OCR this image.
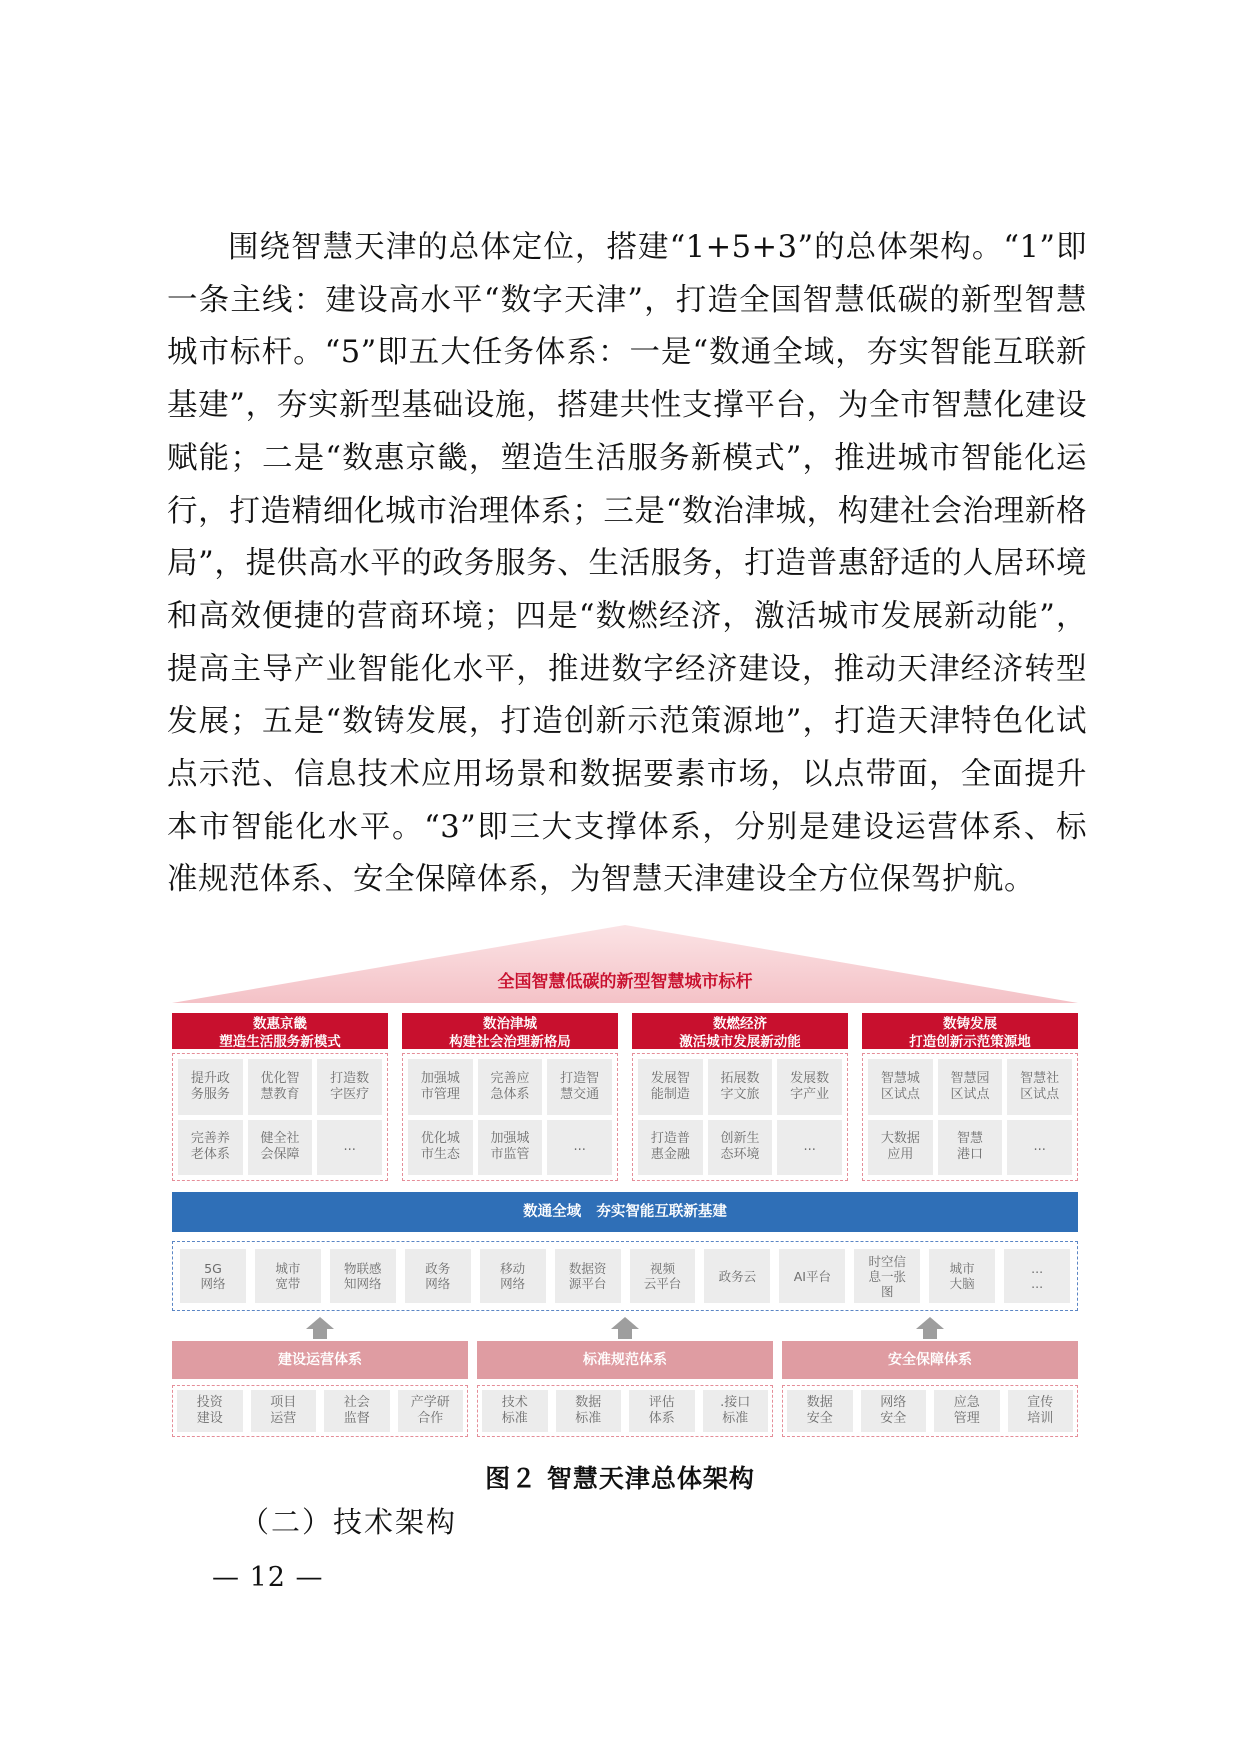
围绕智慧天津的总体定位，搭建“1+5+3”的总体架构。“1”即一条主线：建设高水平“数字天津”，打造全国智慧低碳的新型智慧城市标杆。“5”即五大任务体系：一是“数通全域，夯实智能互联新基建”，夯实新型基础设施，搭建共性支撑平台，为全市智慧化建设赋能；二是“数惠京畿，塑造生活服务新模式”，推进城市智能化运行，打造精细化城市治理体系；三是“数治津城，构建社会治理新格局”，提供高水平的政务服务、生活服务，打造普惠舒适的人居环境和高效便捷的营商环境；四是“数燃经济，激活城市发展新动能”，提高主导产业智能化水平，推进数字经济建设，推动天津经济转型发展；五是“数铸发展，打造创新示范策源地”，打造天津特色化试点示范、信息技术应用场景和数据要素市场，以点带面，全面提升本市智能化水平。“3”即三大支撑体系，分别是建设运营体系、标准规范体系、安全保障体系，为智慧天津建设全方位保驾护航。

全国智慧低碳的新型智慧城市标杆
数惠京畿
塑造生活服务新模式
提升政
务服务
优化智
慧教育
打造数
字医疗
完善养
老体系
健全社
会保障
...
数治津城
构建社会治理新格局
加强城
市管理
完善应
急体系
打造智
慧交通
优化城
市生态
加强城
市监管
...
数燃经济
激活城市发展新动能
发展智
能制造
拓展数
字文旅
发展数
字产业
打造普
惠金融
创新生
态环境
...
数铸发展
打造创新示范策源地
智慧城
区试点
智慧园
区试点
智慧社
区试点
大数据
应用
智慧
港口
...
数通全域   夯实智能互联新基建
5G
网络
城市
宽带
物联感
知网络
政务
网络
移动
网络
数据资
源平台
视频
云平台	政务云	AI平台
时空信
息一张
图
城市
大脑
...
...
建设运营体系
投资
建设
项目
运营
社会
监督
产学研
合作
标准规范体系
技术
标准
数据
标准
评估
体系
.接口
标准
安全保障体系
数据
安全
网络
安全
应急
管理
宣传
培训
图２ 智慧天津总体架构
（二）技术架构
— 12 —
